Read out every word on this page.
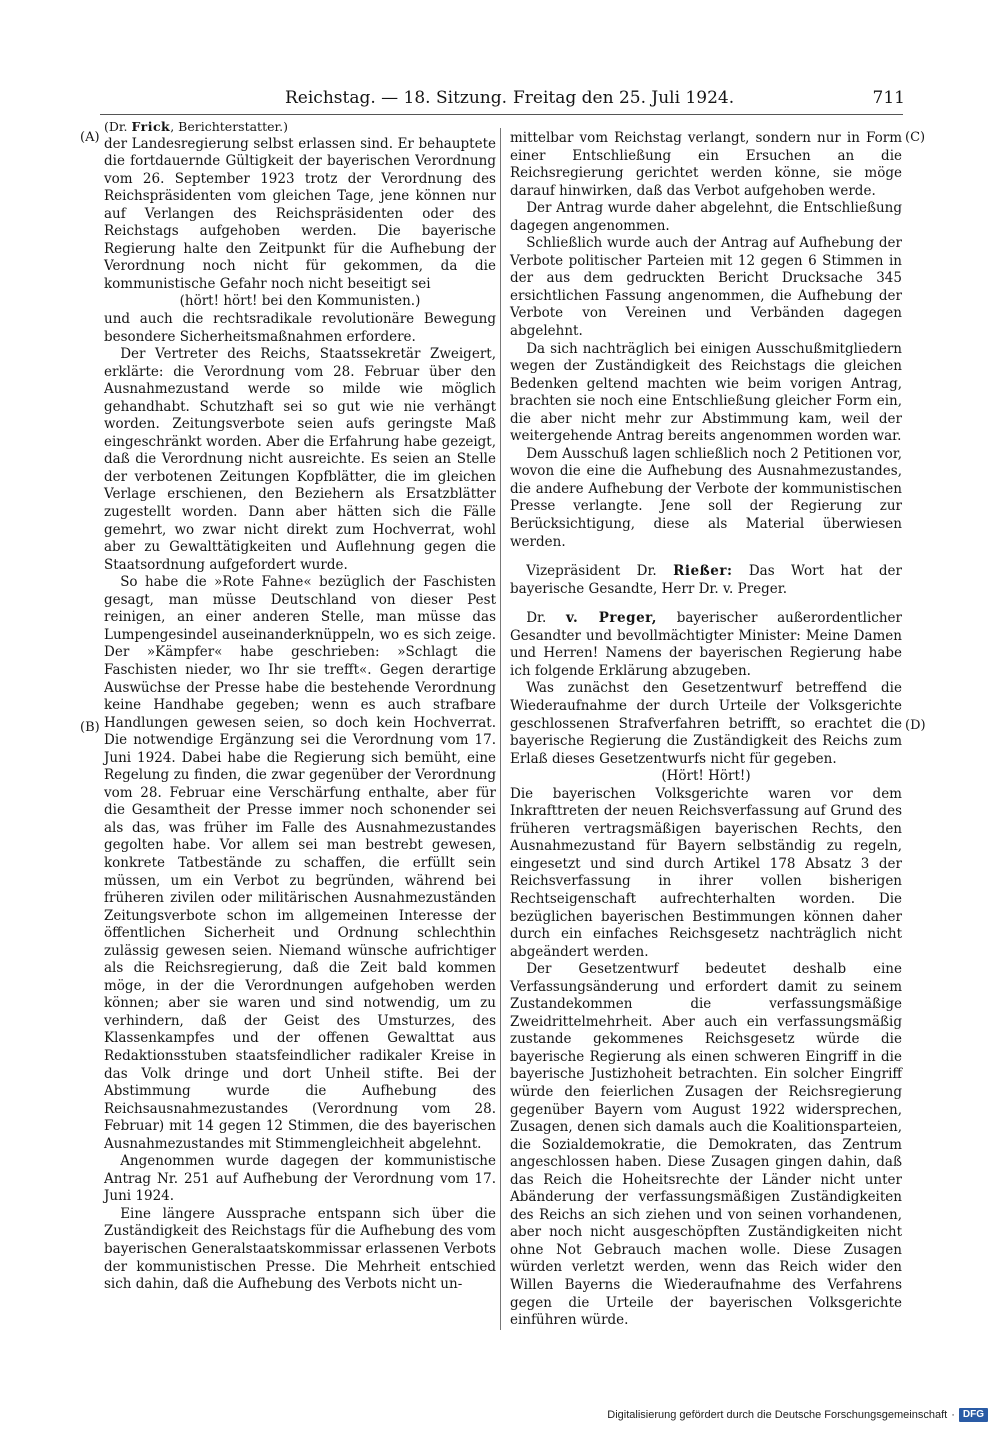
Reichstag. — 18. Sitzung. Freitag den 25. Juli 1924.	711
(A)
(B)
(C)
(D)

(Dr. Frick, Berichterstatter.)

der Landesregierung selbst erlassen sind. Er behauptete die fortdauernde Gültigkeit der bayerischen Verordnung vom 26. September 1923 trotz der Verordnung des Reichspräsidenten vom gleichen Tage, jene können nur auf Verlangen des Reichspräsidenten oder des Reichstags aufgehoben werden. Die bayerische Regierung halte den Zeitpunkt für die Aufhebung der Verordnung noch nicht für gekommen, da die kommunistische Gefahr noch nicht beseitigt sei

(hört! hört! bei den Kommunisten.)

und auch die rechtsradikale revolutionäre Bewegung besondere Sicherheitsmaßnahmen erfordere.

Der Vertreter des Reichs, Staatssekretär Zweigert, erklärte: die Verordnung vom 28. Februar über den Ausnahmezustand werde so milde wie möglich gehandhabt. Schutzhaft sei so gut wie nie verhängt worden. Zeitungsverbote seien aufs geringste Maß eingeschränkt worden. Aber die Erfahrung habe gezeigt, daß die Verordnung nicht ausreichte. Es seien an Stelle der verbotenen Zeitungen Kopfblätter, die im gleichen Verlage erschienen, den Beziehern als Ersatzblätter zugestellt worden. Dann aber hätten sich die Fälle gemehrt, wo zwar nicht direkt zum Hochverrat, wohl aber zu Gewalttätigkeiten und Auflehnung gegen die Staatsordnung aufgefordert wurde.

So habe die »Rote Fahne« bezüglich der Faschisten gesagt, man müsse Deutschland von dieser Pest reinigen, an einer anderen Stelle, man müsse das Lumpengesindel auseinanderknüppeln, wo es sich zeige. Der »Kämpfer« habe geschrieben: »Schlagt die Faschisten nieder, wo Ihr sie trefft«. Gegen derartige Auswüchse der Presse habe die bestehende Verordnung keine Handhabe gegeben; wenn es auch strafbare Handlungen gewesen seien, so doch kein Hochverrat. Die notwendige Ergänzung sei die Verordnung vom 17. Juni 1924. Dabei habe die Regierung sich bemüht, eine Regelung zu finden, die zwar gegenüber der Verordnung vom 28. Februar eine Verschärfung enthalte, aber für die Gesamtheit der Presse immer noch schonender sei als das, was früher im Falle des Ausnahmezustandes gegolten habe. Vor allem sei man bestrebt gewesen, konkrete Tatbestände zu schaffen, die erfüllt sein müssen, um ein Verbot zu begründen, während bei früheren zivilen oder militärischen Ausnahmezuständen Zeitungsverbote schon im allgemeinen Interesse der öffentlichen Sicherheit und Ordnung schlechthin zulässig gewesen seien. Niemand wünsche aufrichtiger als die Reichsregierung, daß die Zeit bald kommen möge, in der die Verordnungen aufgehoben werden können; aber sie waren und sind notwendig, um zu verhindern, daß der Geist des Umsturzes, des Klassenkampfes und der offenen Gewalttat aus Redaktionsstuben staatsfeindlicher radikaler Kreise in das Volk dringe und dort Unheil stifte. Bei der Abstimmung wurde die Aufhebung des Reichsausnahmezustandes (Verordnung vom 28. Februar) mit 14 gegen 12 Stimmen, die des bayerischen Ausnahmezustandes mit Stimmengleichheit abgelehnt.

Angenommen wurde dagegen der kommunistische Antrag Nr. 251 auf Aufhebung der Verordnung vom 17. Juni 1924.

Eine längere Aussprache entspann sich über die Zuständigkeit des Reichstags für die Aufhebung des vom bayerischen Generalstaatskommissar erlassenen Verbots der kommunistischen Presse. Die Mehrheit entschied sich dahin, daß die Aufhebung des Verbots nicht un-

mittelbar vom Reichstag verlangt, sondern nur in Form einer Entschließung ein Ersuchen an die Reichsregierung gerichtet werden könne, sie möge darauf hinwirken, daß das Verbot aufgehoben werde.

Der Antrag wurde daher abgelehnt, die Entschließung dagegen angenommen.

Schließlich wurde auch der Antrag auf Aufhebung der Verbote politischer Parteien mit 12 gegen 6 Stimmen in der aus dem gedruckten Bericht Drucksache 345 ersichtlichen Fassung angenommen, die Aufhebung der Verbote von Vereinen und Verbänden dagegen abgelehnt.

Da sich nachträglich bei einigen Ausschußmitgliedern wegen der Zuständigkeit des Reichstags die gleichen Bedenken geltend machten wie beim vorigen Antrag, brachten sie noch eine Entschließung gleicher Form ein, die aber nicht mehr zur Abstimmung kam, weil der weitergehende Antrag bereits angenommen worden war.

Dem Ausschuß lagen schließlich noch 2 Petitionen vor, wovon die eine die Aufhebung des Ausnahmezustandes, die andere Aufhebung der Verbote der kommunistischen Presse verlangte. Jene soll der Regierung zur Berücksichtigung, diese als Material überwiesen werden.

Vizepräsident Dr. Rießer: Das Wort hat der bayerische Gesandte, Herr Dr. v. Preger.

Dr. v. Preger, bayerischer außerordentlicher Gesandter und bevollmächtigter Minister: Meine Damen und Herren! Namens der bayerischen Regierung habe ich folgende Erklärung abzugeben.

Was zunächst den Gesetzentwurf betreffend die Wiederaufnahme der durch Urteile der Volksgerichte geschlossenen Strafverfahren betrifft, so erachtet die bayerische Regierung die Zuständigkeit des Reichs zum Erlaß dieses Gesetzentwurfs nicht für gegeben.

(Hört! Hört!)

Die bayerischen Volksgerichte waren vor dem Inkrafttreten der neuen Reichsverfassung auf Grund des früheren vertragsmäßigen bayerischen Rechts, den Ausnahmezustand für Bayern selbständig zu regeln, eingesetzt und sind durch Artikel 178 Absatz 3 der Reichsverfassung in ihrer vollen bisherigen Rechtseigenschaft aufrechterhalten worden. Die bezüglichen bayerischen Bestimmungen können daher durch ein einfaches Reichsgesetz nachträglich nicht abgeändert werden.

Der Gesetzentwurf bedeutet deshalb eine Verfassungsänderung und erfordert damit zu seinem Zustandekommen die verfassungsmäßige Zweidrittelmehrheit. Aber auch ein verfassungsmäßig zustande gekommenes Reichsgesetz würde die bayerische Regierung als einen schweren Eingriff in die bayerische Justizhoheit betrachten. Ein solcher Eingriff würde den feierlichen Zusagen der Reichsregierung gegenüber Bayern vom August 1922 widersprechen, Zusagen, denen sich damals auch die Koalitionsparteien, die Sozialdemokratie, die Demokraten, das Zentrum angeschlossen haben. Diese Zusagen gingen dahin, daß das Reich die Hoheitsrechte der Länder nicht unter Abänderung der verfassungsmäßigen Zuständigkeiten des Reichs an sich ziehen und von seinen vorhandenen, aber noch nicht ausgeschöpften Zuständigkeiten nicht ohne Not Gebrauch machen wolle. Diese Zusagen würden verletzt werden, wenn das Reich wider den Willen Bayerns die Wiederaufnahme des Verfahrens gegen die Urteile der bayerischen Volksgerichte einführen würde.

Digitalisierung gefördert durch die Deutsche Forschungsgemeinschaft · DFG
